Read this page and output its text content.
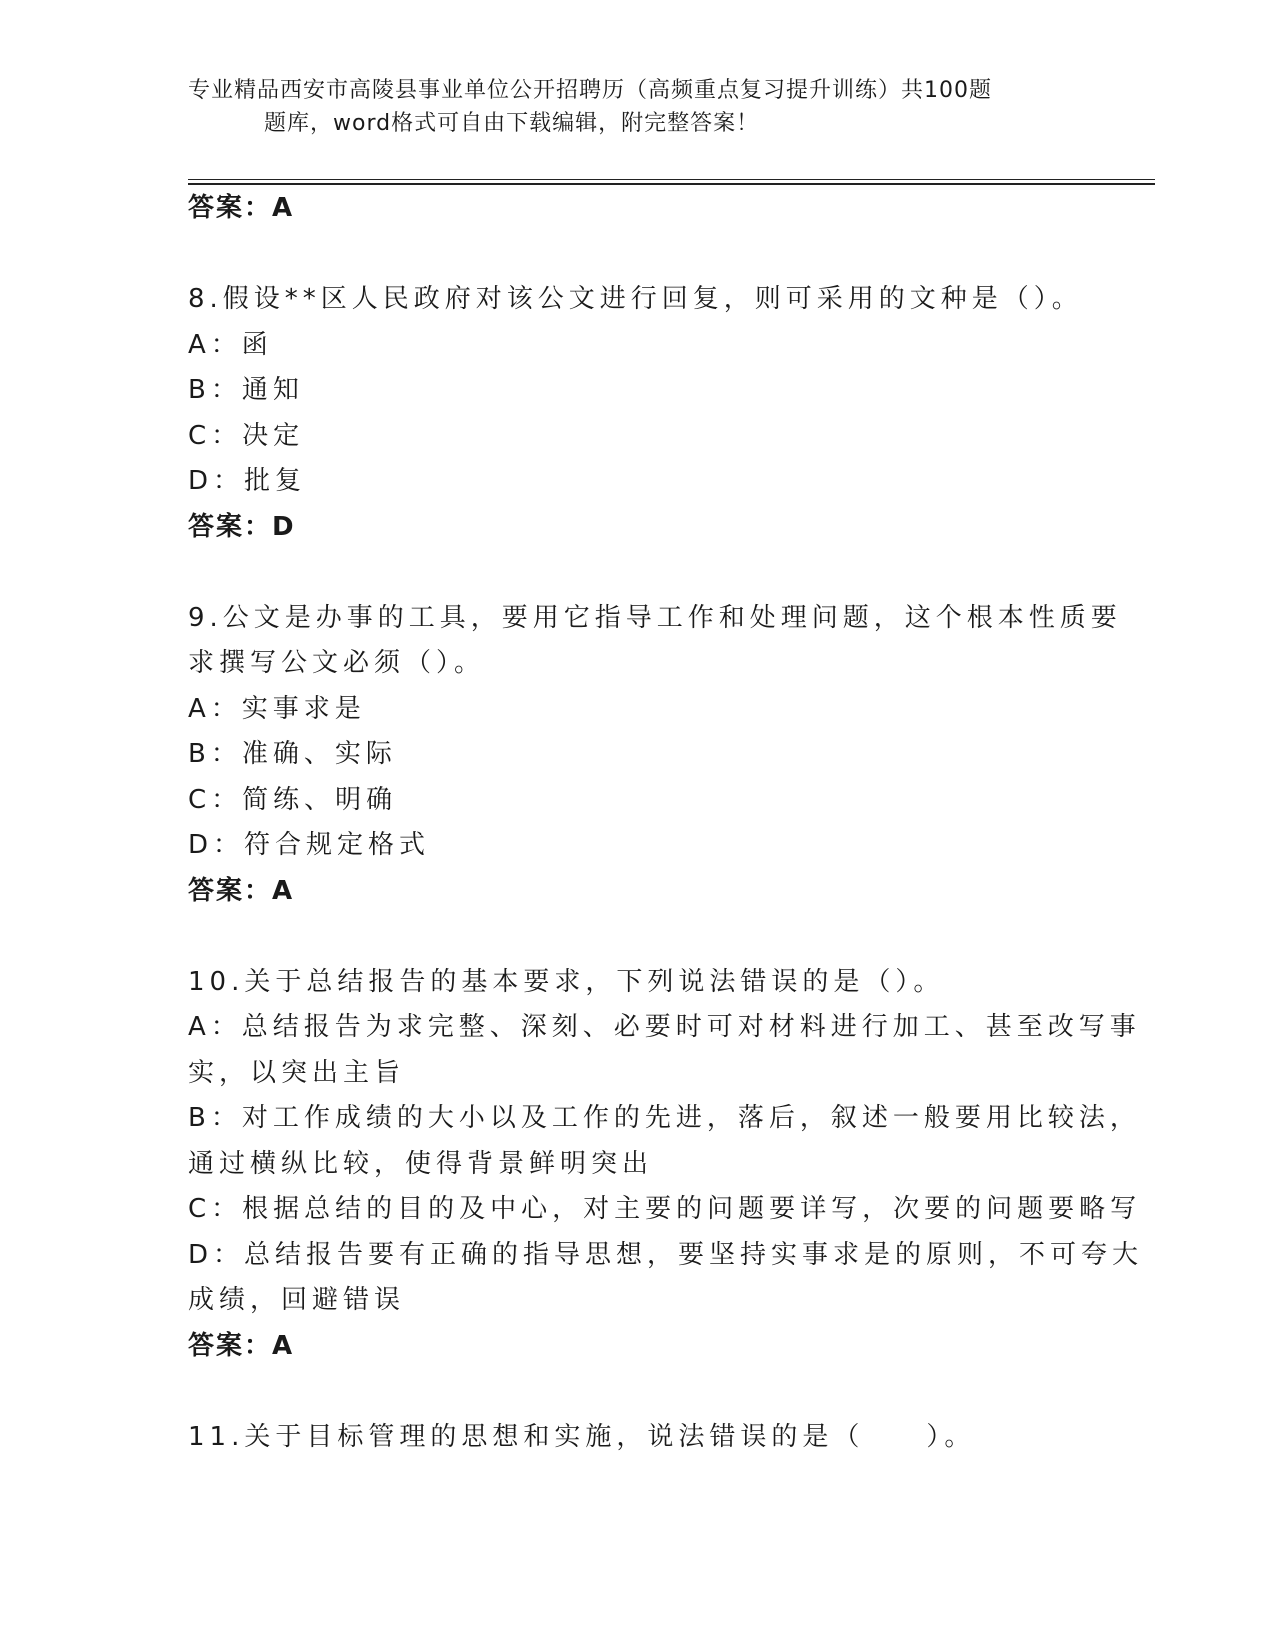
专业精品西安市高陵县事业单位公开招聘历（高频重点复习提升训练）共100题
题库，word格式可自由下载编辑，附完整答案！
答案：A
8.假设**区人民政府对该公文进行回复，则可采用的文种是（）。
A：函
B：通知
C：决定
D：批复
答案：D
9.公文是办事的工具，要用它指导工作和处理问题，这个根本性质要
求撰写公文必须（）。
A：实事求是
B：准确、实际
C：简练、明确
D：符合规定格式
答案：A
10.关于总结报告的基本要求，下列说法错误的是（）。
A：总结报告为求完整、深刻、必要时可对材料进行加工、甚至改写事
实，以突出主旨
B：对工作成绩的大小以及工作的先进，落后，叙述一般要用比较法，
通过横纵比较，使得背景鲜明突出
C：根据总结的目的及中心，对主要的问题要详写，次要的问题要略写
D：总结报告要有正确的指导思想，要坚持实事求是的原则，不可夸大
成绩，回避错误
答案：A
11.关于目标管理的思想和实施，说法错误的是（　　）。
